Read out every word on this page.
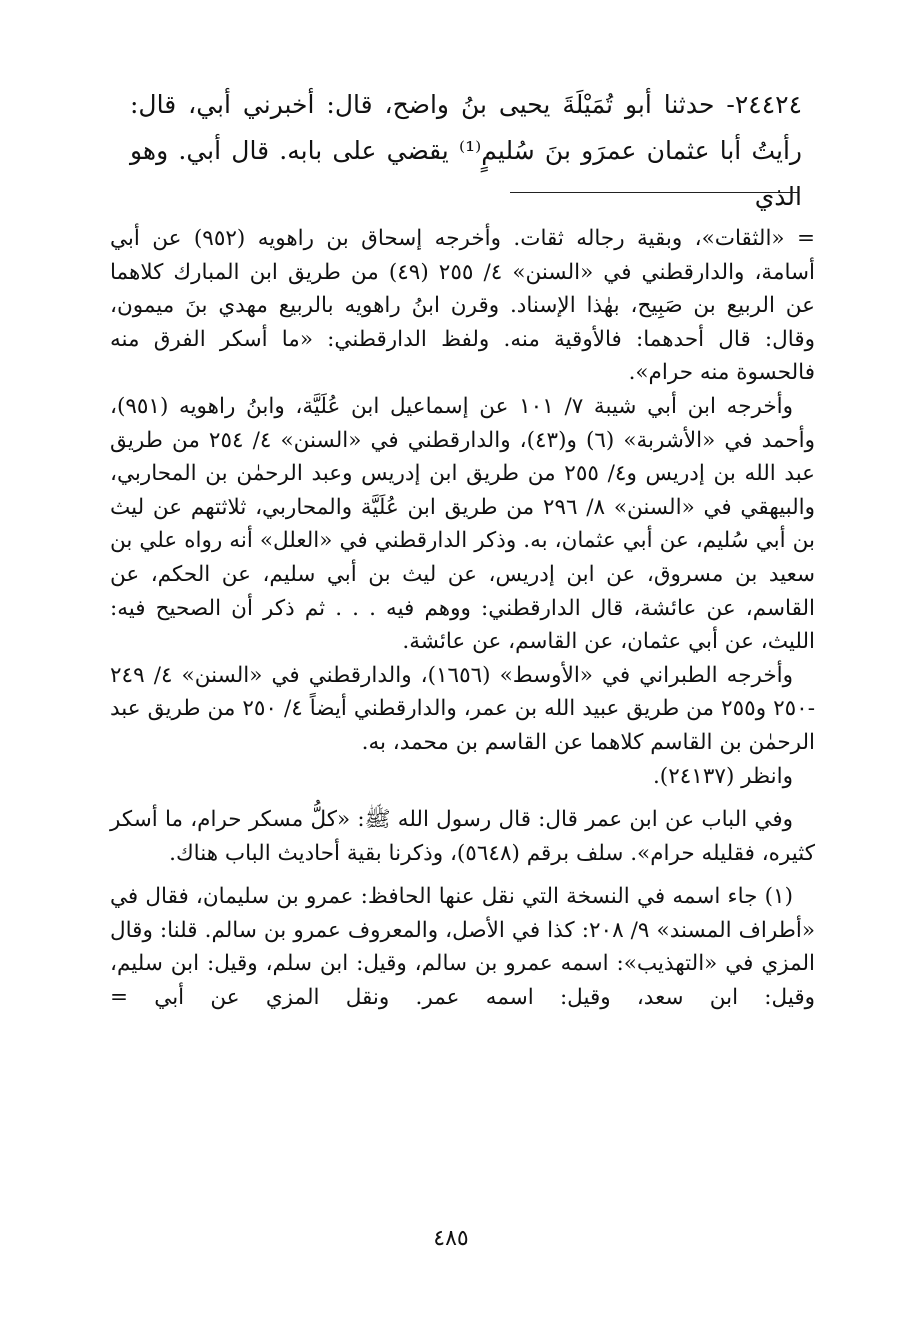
٢٤٤٢٤- حدثنا أبو تُمَيْلَةَ يحيى بنُ واضح، قال: أخبرني أبي، قال:

رأيتُ أبا عثمان عمرَو بنَ سُليمٍ⁽¹⁾ يقضي على بابه. قال أبي. وهو الذي

= «الثقات»، وبقية رجاله ثقات. وأخرجه إسحاق بن راهويه (٩٥٢) عن أبي أسامة، والدارقطني في «السنن» ٤/ ٢٥٥ (٤٩) من طريق ابن المبارك كلاهما عن الربيع بن صَبِيح، بهٰذا الإسناد. وقرن ابنُ راهويه بالربيع مهدي بنَ ميمون، وقال: قال أحدهما: فالأوقية منه. ولفظ الدارقطني: «ما أسكر الفرق منه فالحسوة منه حرام».

وأخرجه ابن أبي شيبة ٧/ ١٠١ عن إسماعيل ابن عُلَيَّة، وابنُ راهويه (٩٥١)، وأحمد في «الأشربة» (٦) و(٤٣)، والدارقطني في «السنن» ٤/ ٢٥٤ من طريق عبد الله بن إدريس و٤/ ٢٥٥ من طريق ابن إدريس وعبد الرحمٰن بن المحاربي، والبيهقي في «السنن» ٨/ ٢٩٦ من طريق ابن عُلَيَّة والمحاربي، ثلاثتهم عن ليث بن أبي سُليم، عن أبي عثمان، به. وذكر الدارقطني في «العلل» أنه رواه علي بن سعيد بن مسروق، عن ابن إدريس، عن ليث بن أبي سليم، عن الحكم، عن القاسم، عن عائشة، قال الدارقطني: ووهم فيه . . . ثم ذكر أن الصحيح فيه: الليث، عن أبي عثمان، عن القاسم، عن عائشة.

وأخرجه الطبراني في «الأوسط» (١٦٥٦)، والدارقطني في «السنن» ٤/ ٢٤٩ -٢٥٠ و٢٥٥ من طريق عبيد الله بن عمر، والدارقطني أيضاً ٤/ ٢٥٠ من طريق عبد الرحمٰن بن القاسم كلاهما عن القاسم بن محمد، به.

وانظر (٢٤١٣٧).

وفي الباب عن ابن عمر قال: قال رسول الله ﷺ: «كلُّ مسكر حرام، ما أسكر كثيره، فقليله حرام». سلف برقم (٥٦٤٨)، وذكرنا بقية أحاديث الباب هناك.

(١) جاء اسمه في النسخة التي نقل عنها الحافظ: عمرو بن سليمان، فقال في «أطراف المسند» ٩/ ٢٠٨: كذا في الأصل، والمعروف عمرو بن سالم. قلنا: وقال المزي في «التهذيب»: اسمه عمرو بن سالم، وقيل: ابن سلم، وقيل: ابن سليم، وقيل: ابن سعد، وقيل: اسمه عمر. ونقل المزي عن أبي =

٤٨٥
